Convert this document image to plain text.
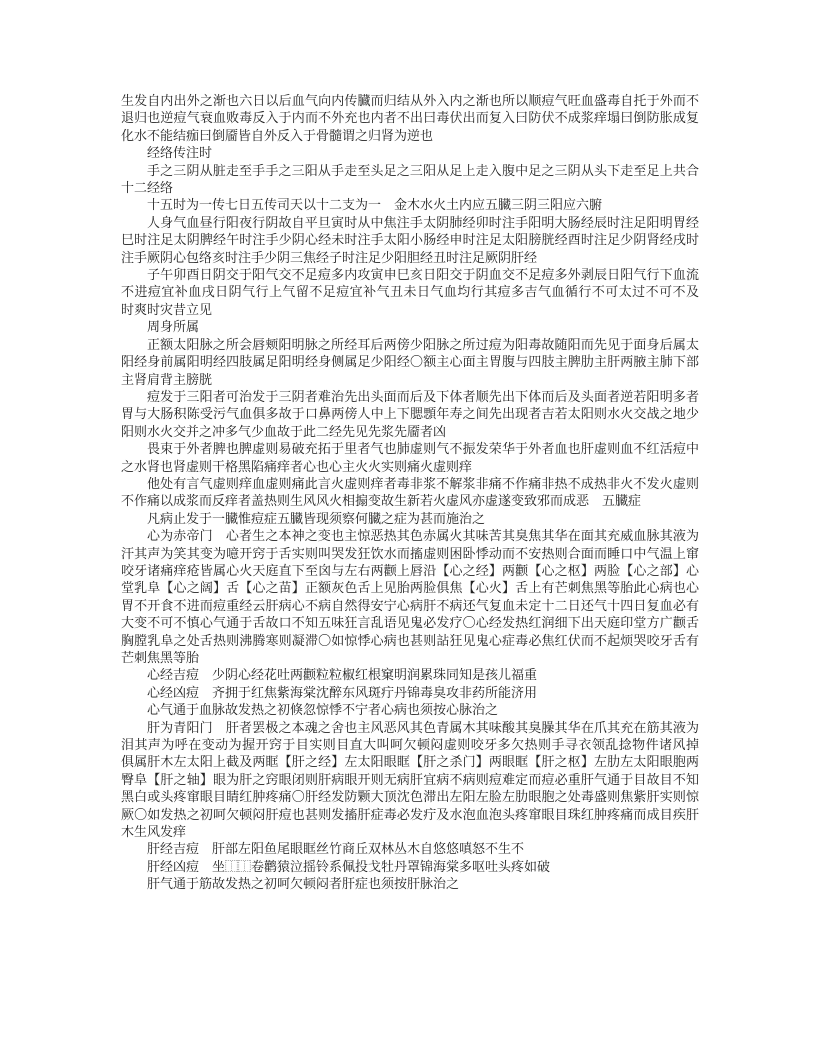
生发自内出外之渐也六日以后血气向内传臓而归结从外入内之渐也所以顺痘气旺血盛毒自托于外而不退归也逆痘气衰血败毒反入于内而不外充也内者不出曰毒伏出而复入曰防伏不成浆痒塌曰倒防胀成复化水不能结痂曰倒靥皆自外反入于骨髓谓之归肾为逆也

经络传注时

手之三阴从脏走至手手之三阳从手走至头足之三阳从足上走入腹中足之三阴从头下走至足上共合十二经络

十五时为一传七日五传司天以十二支为一　金木水火土内应五臓三阴三阳应六腑

人身气血昼行阳夜行阴故自平旦寅时从中焦注手太阴肺经卯时注手阳明大肠经辰时注足阳明胃经巳时注足太阴脾经午时注手少阴心经未时注手太阳小肠经申时注足太阳膀胱经酉时注足少阴肾经戌时注手厥阴心包络亥时注手少阴三焦经子时注足少阳胆经丑时注足厥阴肝经

子午卯酉日阴交于阳气交不足痘多内攻寅申巳亥日阳交于阴血交不足痘多外剥辰日阳气行下血流不进痘宜补血戌日阴气行上气留不足痘宜补气丑未日气血均行其痘多吉气血循行不可太过不可不及　时爽时灾昔立见

周身所属

正额太阳脉之所会唇颊阳明脉之所经耳后两傍少阳脉之所过痘为阳毒故随阳而先见于面身后属太阳经身前属阳明经四肢属足阳明经身侧属足少阳经〇额主心面主胃腹与四肢主脾肋主肝两腋主肺下部主肾肩背主膀胱

痘发于三阳者可治发于三阴者难治先出头面而后及下体者顺先出下体而后及头面者逆若阳明多者胃与大肠积陈受污气血俱多故于口鼻两傍人中上下腮顋年寿之间先出现者吉若太阳则水火交战之地少阳则水火交并之冲多气少血故于此二经先见先浆先靥者凶

畏束于外者脾也脾虚则易破充拓于里者气也肺虚则气不振发荣华于外者血也肝虚则血不红活痘中之水肾也肾虚则干格黑陷痛痒者心也心主火火实则痛火虚则痒

他处有言气虚则痒血虚则痛此言火虚则痒者毒非浆不解浆非痛不作痛非热不成热非火不发火虚则不作痛以成浆而反痒者盖热则生风风火相搧变故生新若火虚风亦虚遂变致邪而成恶　五臓症

凡病止发于一臓惟痘症五臓皆现须察何臓之症为甚而施治之

心为赤帝门　心者生之本神之变也主惊恶热其色赤属火其味苦其臭焦其华在面其充威血脉其液为汗其声为笑其变为噫开窍于舌实则叫哭发狂饮水而搐虚则困卧悸动而不安热则合面而睡口中气温上窜咬牙诸痛痒疮皆属心火天庭直下至囟与左右两颧上唇沿【心之经】两颧【心之枢】两脸【心之部】心堂乳阜【心之阔】舌【心之苗】正额灰色舌上见胎两脸俱焦【心火】舌上有芒刺焦黑等胎此心病也心胃不开食不进而痘重经云肝病心不病自然得安宁心病肝不病还气复血未定十二日还气十四日复血必有大变不可不慎心气通于舌故口不知五味狂言乱语见鬼必发疗〇心经发热红润细下出天庭印堂方广颧舌胸膛乳阜之处舌热则沸腾寒则凝滞〇如惊悸心病也甚则詀狂见鬼心症毒必焦红伏而不起烦哭咬牙舌有芒刺焦黑等胎

心经吉痘　少阴心经花吐两颧粒粒椒红根窠明润累珠同知是孩儿福重

心经凶痘　齐拥于红焦紫海棠沈醉东风斑疔丹锦毒臭攻非药所能济用

心气通于血脉故发热之初倏忽惊悸不宁者心病也须按心脉治之

肝为青阳门　肝者罢极之本魂之舍也主风恶风其色青属木其味酸其臭臊其华在爪其充在筋其液为泪其声为呼在变动为握开窍于目实则目直大叫呵欠顿闷虚则咬牙多欠热则手寻衣领乱捻物件诸风掉　俱属肝木左太阳上截及两眶【肝之经】左太阳眼眶【肝之杀门】两眼眶【肝之枢】左肋左太阳眼胞两臀阜【肝之轴】眼为肝之窍眼闭则肝病眼开则无病肝宜病不病则痘难定而痘必重肝气通于目故目不知黑白或头疼窜眼目睛红肿疼痛〇肝经发防颗大顶沈色滞出左阳左脸左肋眼胞之处毒盛则焦紫肝实则惊厥〇如发热之初呵欠顿闷肝痘也甚则发搐肝症毒必发疔及水泡血泡头疼窜眼目珠红肿疼痛而成目疾肝木生风发痒

肝经吉痘　肝部左阳鱼尾眼眶丝竹商丘双林丛木自悠悠嗔怒不生不

肝经凶痘　坐⿰⿰卷鹳猿泣摇铃系佩投戈牡丹罩锦海棠多呕吐头疼如破

肝气通于筋故发热之初呵欠顿闷者肝症也须按肝脉治之
